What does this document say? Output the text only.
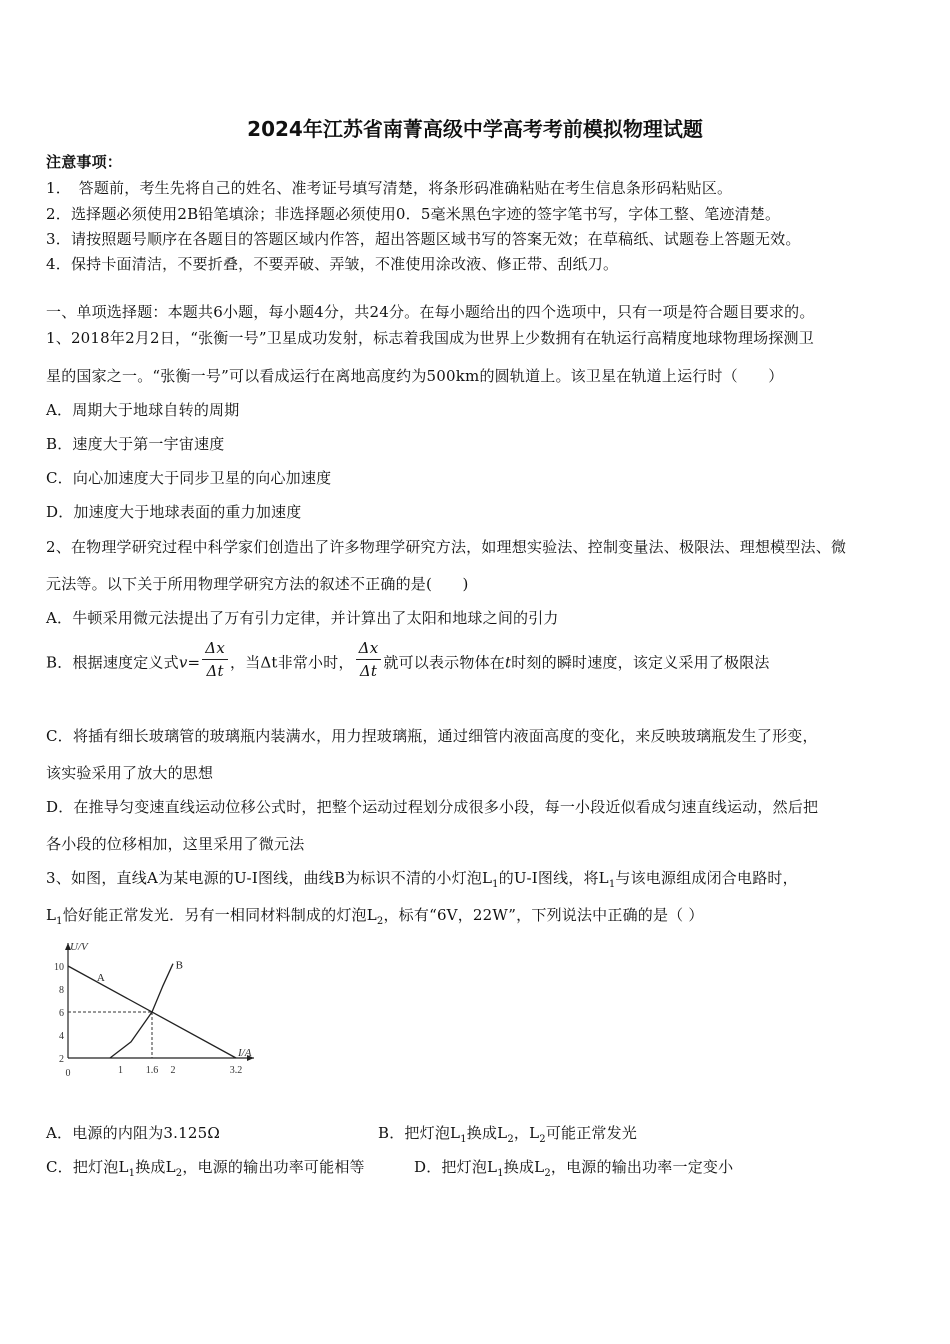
2024年江苏省南菁高级中学高考考前模拟物理试题
注意事项：
1．　答题前，考生先将自己的姓名、准考证号填写清楚，将条形码准确粘贴在考生信息条形码粘贴区。
2．选择题必须使用2B铅笔填涂；非选择题必须使用0．5毫米黑色字迹的签字笔书写，字体工整、笔迹清楚。
3．请按照题号顺序在各题目的答题区域内作答，超出答题区域书写的答案无效；在草稿纸、试题卷上答题无效。
4．保持卡面清洁，不要折叠，不要弄破、弄皱，不准使用涂改液、修正带、刮纸刀。
一、单项选择题：本题共6小题，每小题4分，共24分。在每小题给出的四个选项中，只有一项是符合题目要求的。
1、2018年2月2日，“张衡一号”卫星成功发射，标志着我国成为世界上少数拥有在轨运行高精度地球物理场探测卫
星的国家之一。“张衡一号”可以看成运行在离地高度约为500km的圆轨道上。该卫星在轨道上运行时（　　）
A．周期大于地球自转的周期
B．速度大于第一宇宙速度
C．向心加速度大于同步卫星的向心加速度
D．加速度大于地球表面的重力加速度
2、在物理学研究过程中科学家们创造出了许多物理学研究方法，如理想实验法、控制变量法、极限法、理想模型法、微
元法等。以下关于所用物理学研究方法的叙述不正确的是(　　)
A．牛顿采用微元法提出了万有引力定律，并计算出了太阳和地球之间的引力
B．根据速度定义式$v= \frac{\Delta x}{\Delta t}$ ，当Δt非常小时， $\frac{\Delta x}{\Delta t}$ 就可以表示物体在t时刻的瞬时速度，该定义采用了极限法
C．将插有细长玻璃管的玻璃瓶内装满水，用力捏玻璃瓶，通过细管内液面高度的变化，来反映玻璃瓶发生了形变，
该实验采用了放大的思想
D．在推导匀变速直线运动位移公式时，把整个运动过程划分成很多小段，每一小段近似看成匀速直线运动，然后把
各小段的位移相加，这里采用了微元法
3、如图，直线A为某电源的U-I图线，曲线B为标识不清的小灯泡$L_1$的U-I图线，将$L_1$与该电源组成闭合电路时，
$L_1$恰好能正常发光．另有一相同材料制成的灯泡$L_2$，标有“6V，22W”，下列说法中正确的是（ ）
U/V
I/A
10
8
6
4
2
1 1.6 2	3.2
0
A
B
A．电源的内阻为3.125Ω	B．把灯泡$L_1$换成$L_2$，$L_2$可能正常发光
C．把灯泡$L_1$换成$L_2$，电源的输出功率可能相等	D．把灯泡$L_1$换成$L_2$，电源的输出功率一定变小
